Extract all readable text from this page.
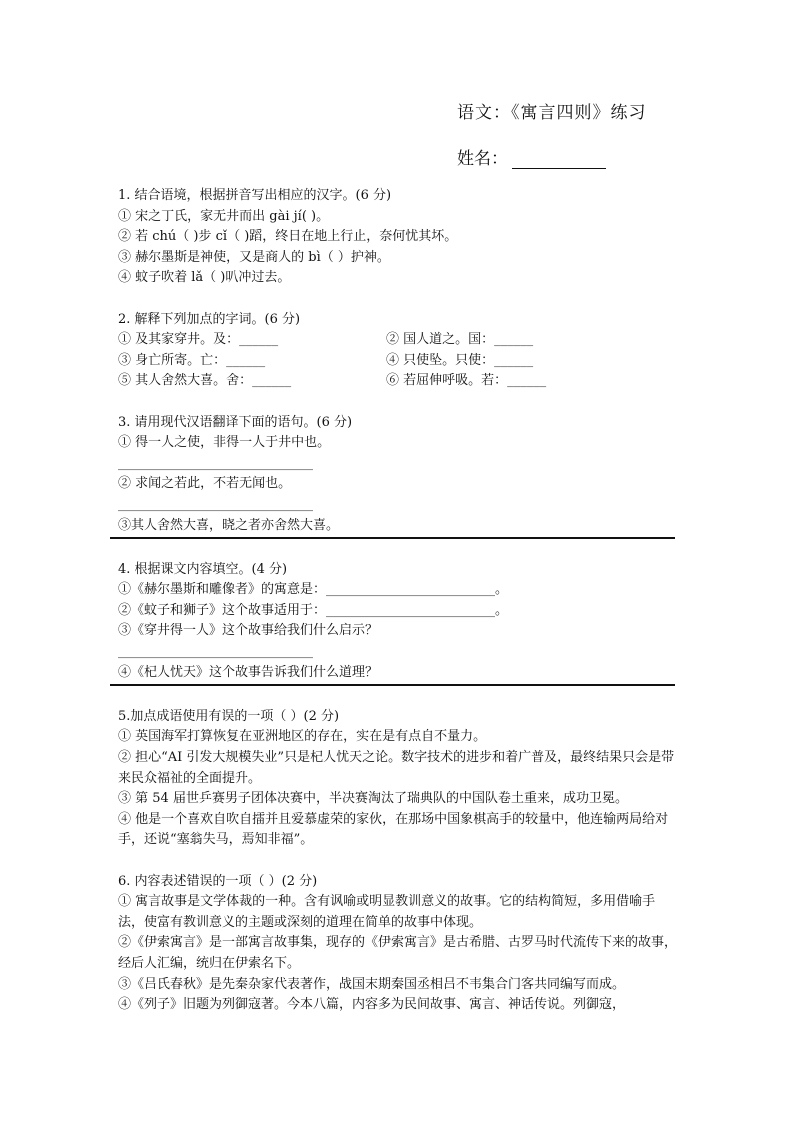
语文：《寓言四则》练习
姓名：
1. 结合语境，根据拼音写出相应的汉字。(6 分)
① 宋之丁氏，家无井而出 gài jí( )。
② 若 chú（ )步 cǐ（ )蹈，终日在地上行止，奈何忧其坏。
③ 赫尔墨斯是神使，又是商人的 bì（ ）护神。
④ 蚊子吹着 lǎ（ )叭冲过去。
2. 解释下列加点的字词。(6 分)
① 及其家穿井。及：______	② 国人道之。国：______
③ 身亡所寄。亡：______	④ 只使坠。只使：______
⑤ 其人舍然大喜。舍：______	⑥ 若屈伸呼吸。若：______
3. 请用现代汉语翻译下面的语句。(6 分)
① 得一人之使，非得一人于井中也。
______________________________
② 求闻之若此，不若无闻也。
______________________________
③其人舍然大喜，晓之者亦舍然大喜。
4. 根据课文内容填空。(4 分)
①《赫尔墨斯和雕像者》的寓意是：__________________________。
②《蚊子和狮子》这个故事适用于：__________________________。
③《穿井得一人》这个故事给我们什么启示？
______________________________
④《杞人忧天》这个故事告诉我们什么道理？
5.加点成语使用有误的一项（ ）(2 分)
① 英国海军打算恢复在亚洲地区的存在，实在是有点自不量力。
② 担心“AI 引发大规模失业”只是杞人忧天之论。数字技术的进步和着广普及，最终结果只会是带来民众福祉的全面提升。
③ 第 54 届世乒赛男子团体决赛中，半决赛淘汰了瑞典队的中国队卷土重来，成功卫冕。
④ 他是一个喜欢自吹自擂并且爱慕虚荣的家伙，在那场中国象棋高手的较量中，他连输两局给对手，还说“塞翁失马，焉知非福”。
6. 内容表述错误的一项（ ）(2 分)
① 寓言故事是文学体裁的一种。含有讽喻或明显教训意义的故事。它的结构简短，多用借喻手法，使富有教训意义的主题或深刻的道理在简单的故事中体现。
②《伊索寓言》是一部寓言故事集，现存的《伊索寓言》是古希腊、古罗马时代流传下来的故事，经后人汇编，统归在伊索名下。
③《吕氏春秋》是先秦杂家代表著作，战国末期秦国丞相吕不韦集合门客共同编写而成。
④《列子》旧题为列御寇著。今本八篇，内容多为民间故事、寓言、神话传说。列御寇，
